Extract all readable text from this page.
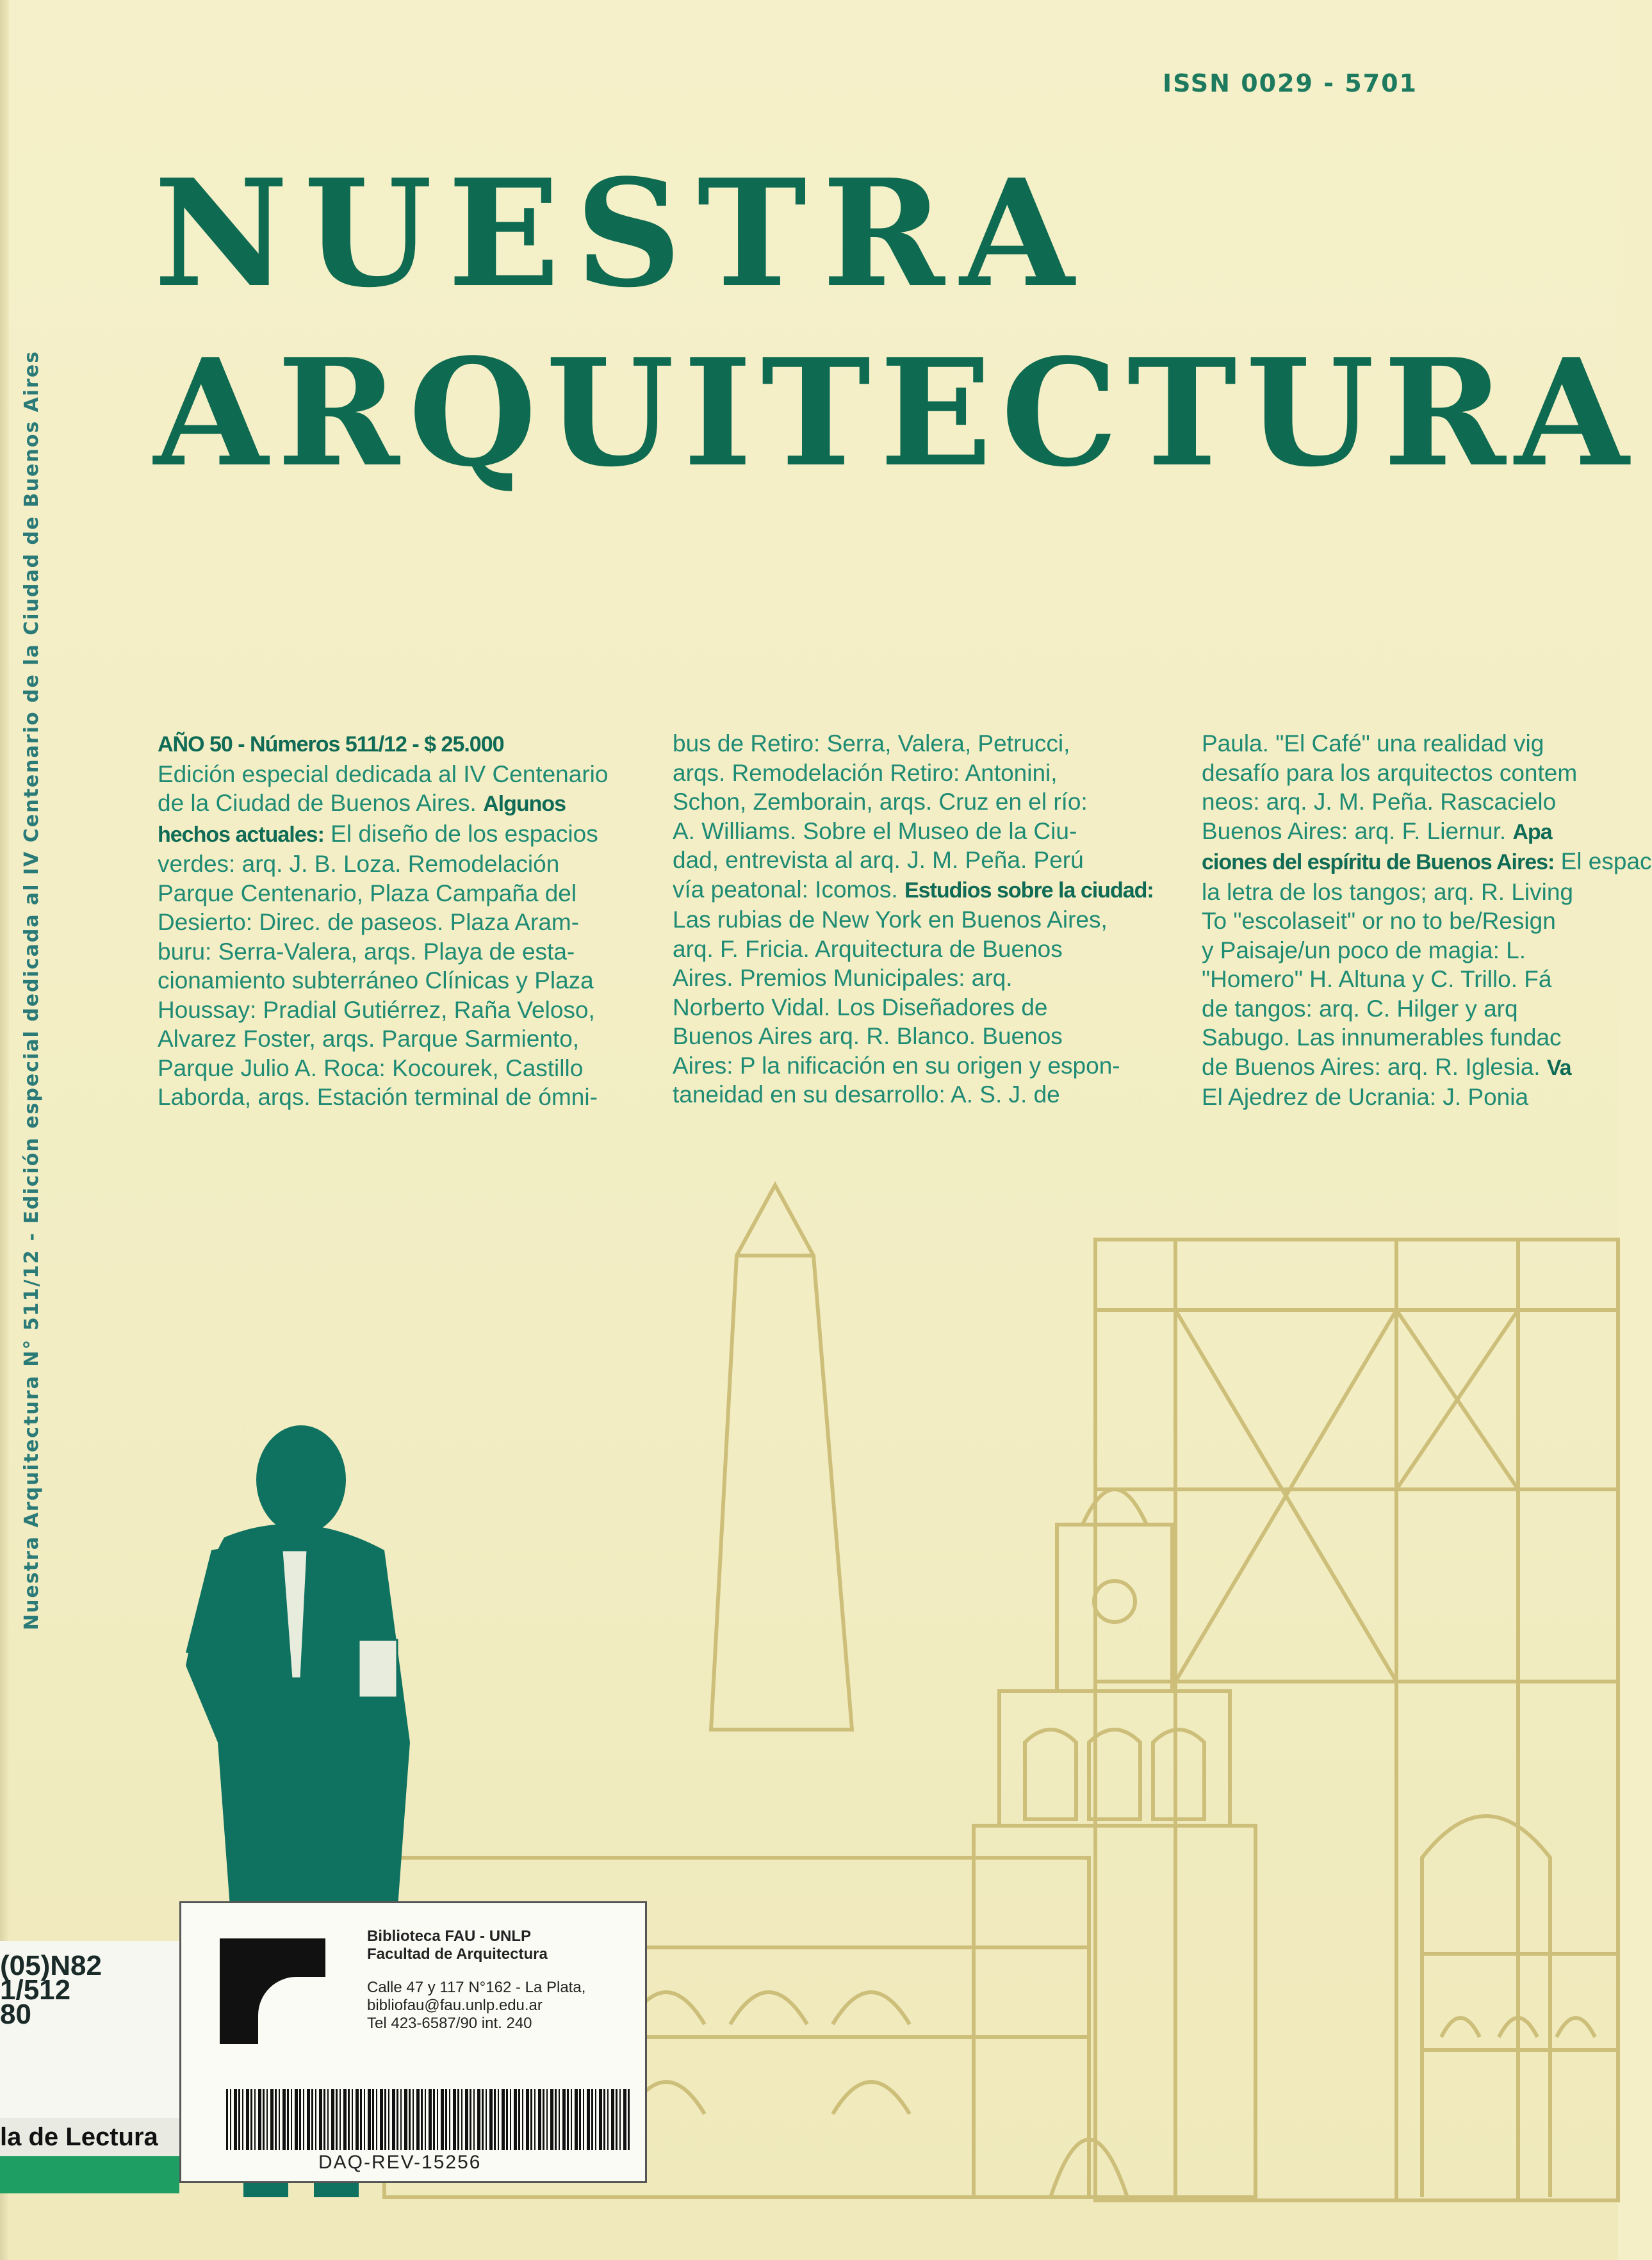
Nuestra Arquitectura N° 511/12 - Edición especial dedicada al IV Centenario de la Ciudad de Buenos Aires
ISSN 0029 - 5701
NUESTRA
ARQUITECTURA
AÑO 50 - Números 511/12 - $ 25.000
Edición especial dedicada al IV Centenario
de la Ciudad de Buenos Aires. Algunos
hechos actuales: El diseño de los espacios
verdes: arq. J. B. Loza. Remodelación
Parque Centenario, Plaza Campaña del
Desierto: Direc. de paseos. Plaza Aram-
buru: Serra-Valera, arqs. Playa de esta-
cionamiento subterráneo Clínicas y Plaza
Houssay: Pradial Gutiérrez, Raña Veloso,
Alvarez Foster, arqs. Parque Sarmiento,
Parque Julio A. Roca: Kocourek, Castillo
Laborda, arqs. Estación terminal de ómni-
bus de Retiro: Serra, Valera, Petrucci,
arqs. Remodelación Retiro: Antonini,
Schon, Zemborain, arqs. Cruz en el río:
A. Williams. Sobre el Museo de la Ciu-
dad, entrevista al arq. J. M. Peña. Perú
vía peatonal: Icomos. Estudios sobre la ciudad:
Las rubias de New York en Buenos Aires,
arq. F. Fricia. Arquitectura de Buenos
Aires. Premios Municipales: arq.
Norberto Vidal. Los Diseñadores de
Buenos Aires arq. R. Blanco. Buenos
Aires: P la nificación en su origen y espon-
taneidad en su desarrollo: A. S. J. de
Paula. "El Café" una realidad vig
desafío para los arquitectos contem
neos: arq. J. M. Peña. Rascacielo
Buenos Aires: arq. F. Liernur. Apa
ciones del espíritu de Buenos Aires: El espac
la letra de los tangos; arq. R. Living
To "escolaseit" or no to be/Resign
y Paisaje/un poco de magia: L.
"Homero" H. Altuna y C. Trillo. Fá
de tangos: arq. C. Hilger y arq
Sabugo. Las innumerables fundac
de Buenos Aires: arq. R. Iglesia. Va
El Ajedrez de Ucrania: J. Ponia
(05)N82
1/512
80
la de Lectura
Biblioteca FAU - UNLP
Facultad de Arquitectura
Calle 47 y 117 N°162 - La Plata,
bibliofau@fau.unlp.edu.ar
Tel 423-6587/90 int. 240
DAQ-REV-15256
